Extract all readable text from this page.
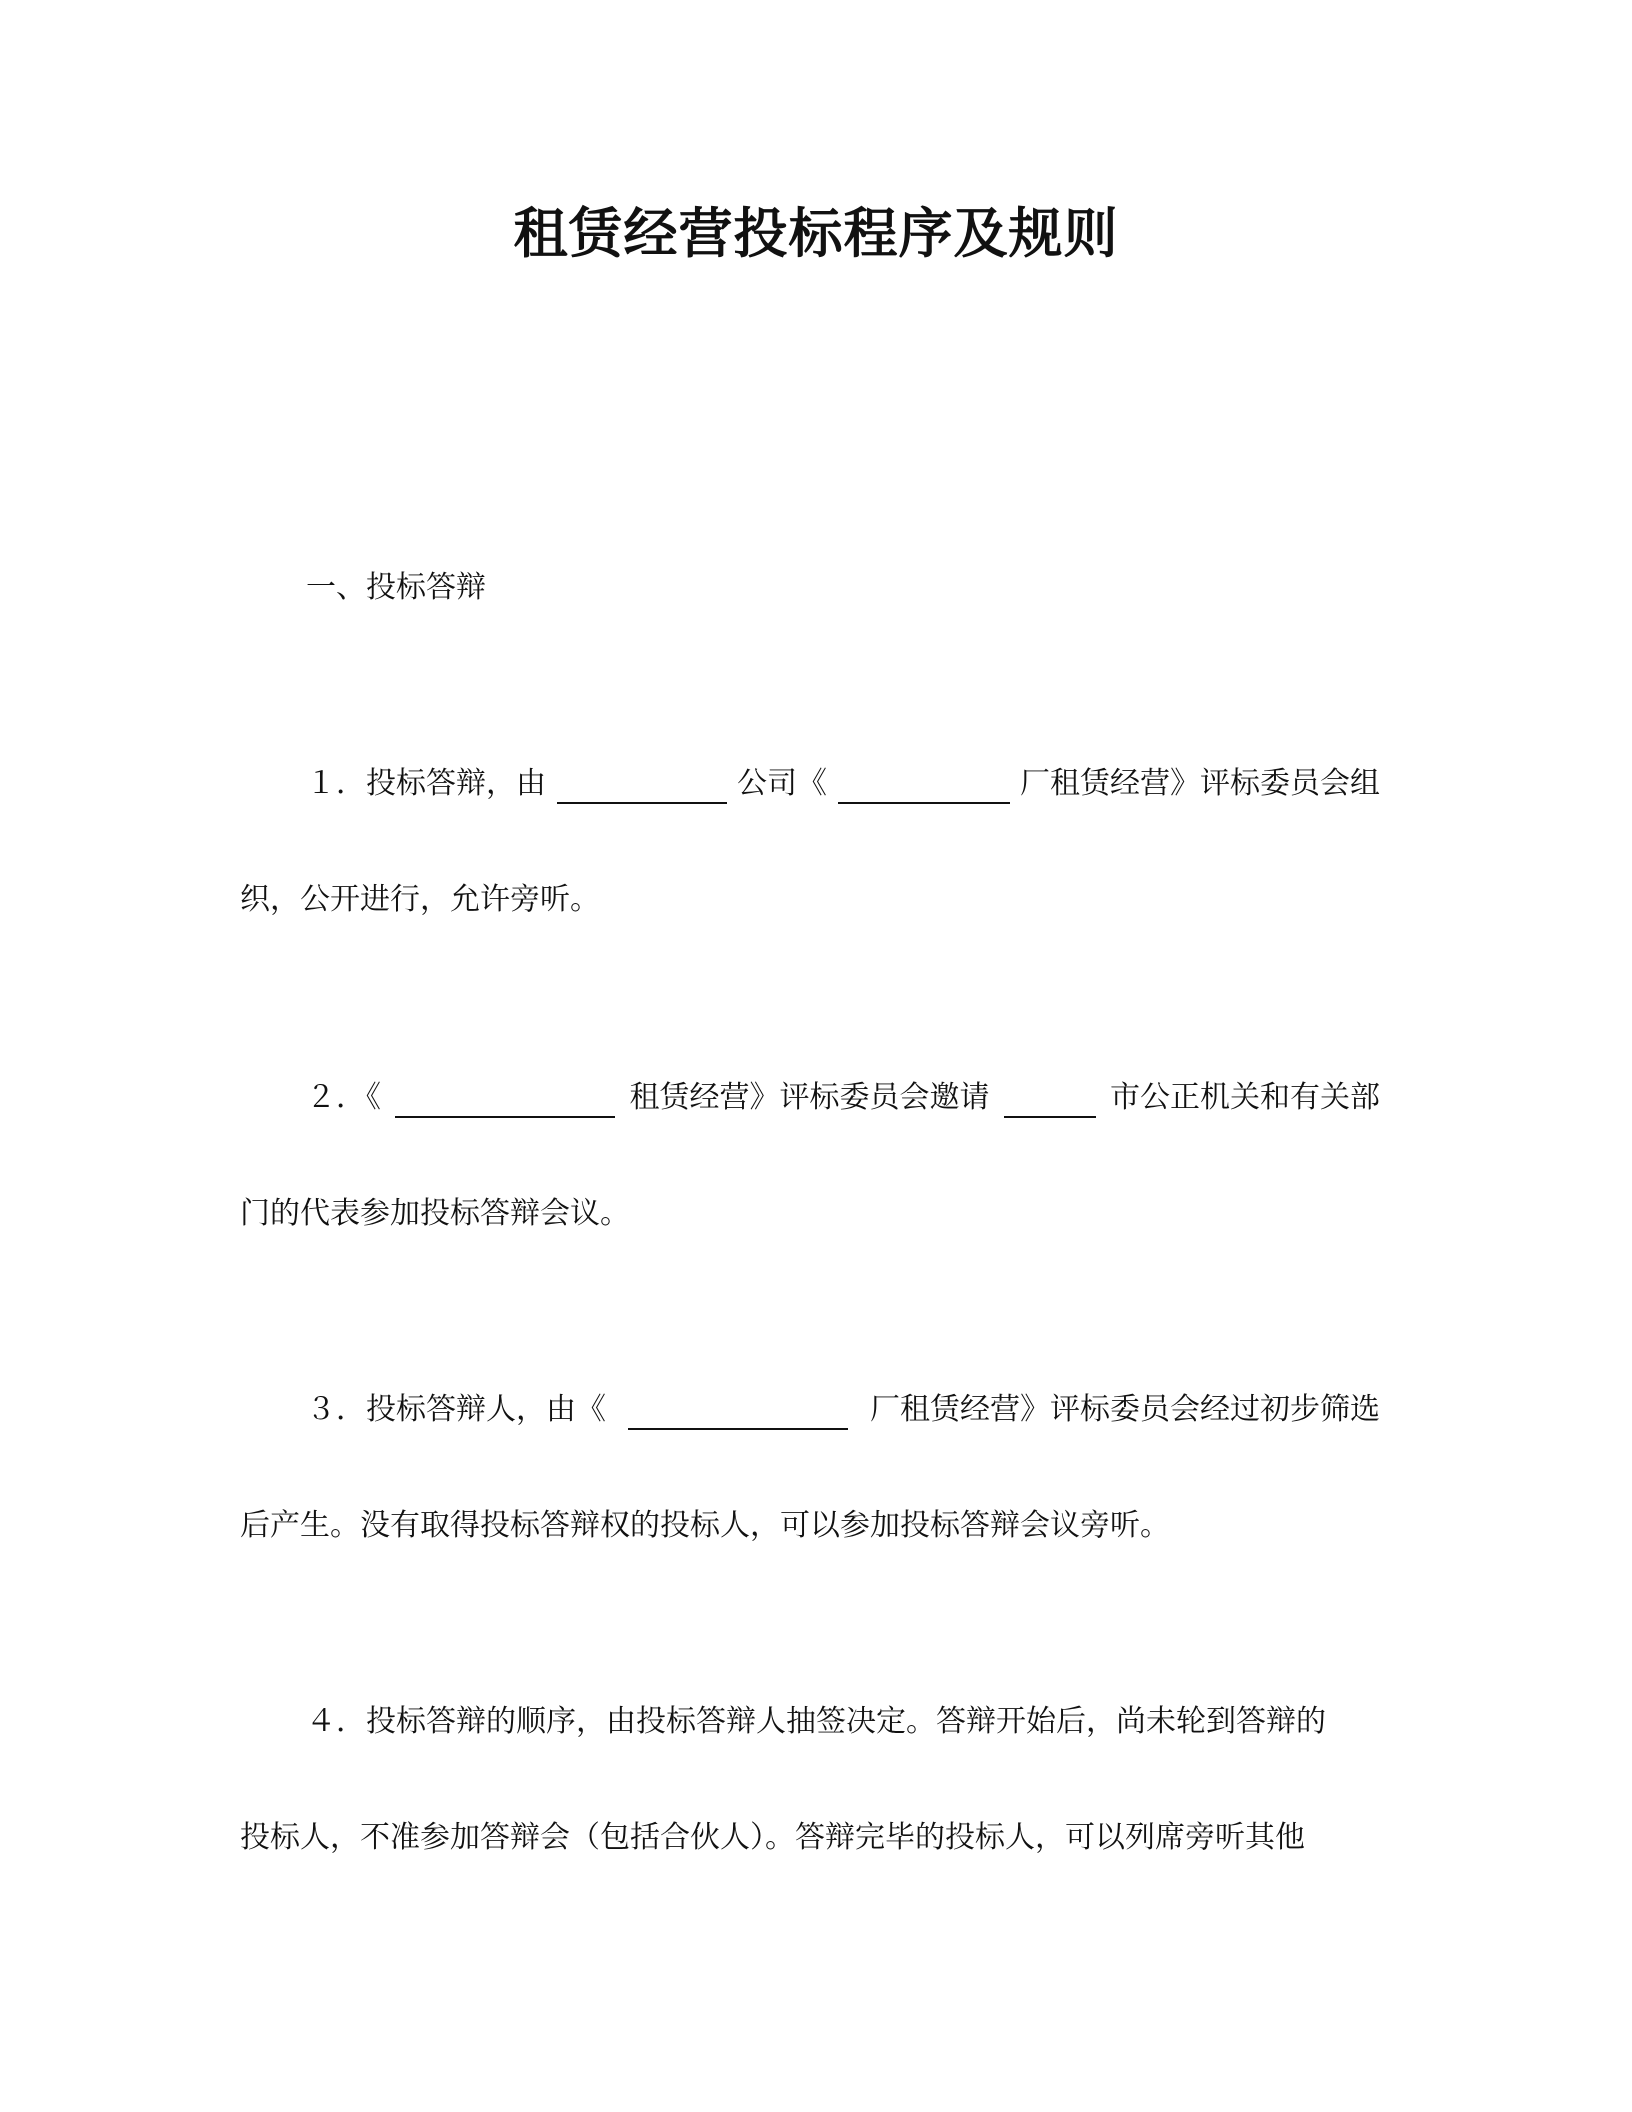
租赁经营投标程序及规则
一、投标答辩
１．投标答辩，由	公司《	厂租赁经营》评标委员会组
织，公开进行，允许旁听。
２．《	租赁经营》评标委员会邀请	市公正机关和有关部
门的代表参加投标答辩会议。
３．投标答辩人，由《	厂租赁经营》评标委员会经过初步筛选
后产生。没有取得投标答辩权的投标人，可以参加投标答辩会议旁听。
４．投标答辩的顺序，由投标答辩人抽签决定。答辩开始后，尚未轮到答辩的
投标人，不准参加答辩会（包括合伙人）。答辩完毕的投标人，可以列席旁听其他
